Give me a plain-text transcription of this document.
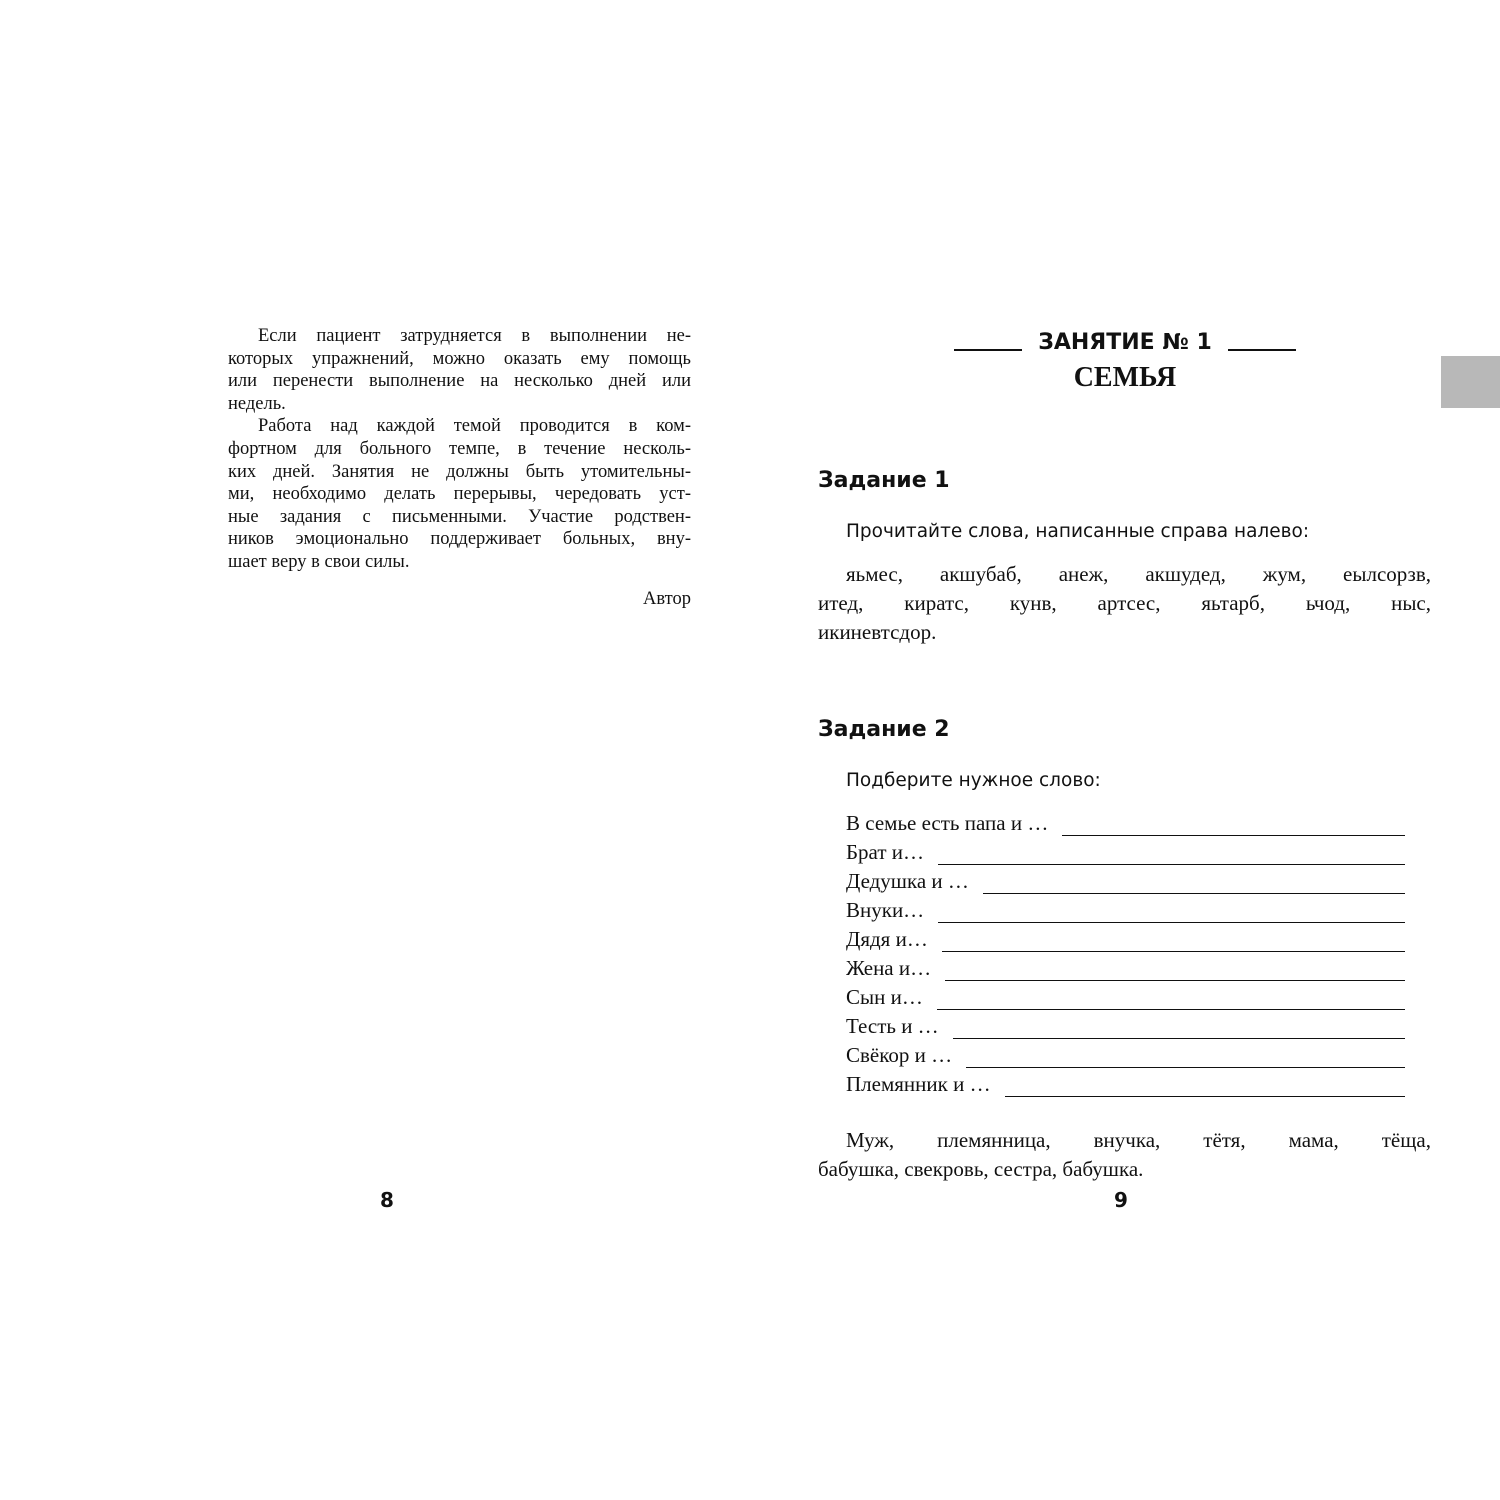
Если пациент затрудняется в выполнении не-
которых упражнений, можно оказать ему помощь
или перенести выполнение на несколько дней или
недель.

Работа над каждой темой проводится в ком-
фортном для больного темпе, в течение несколь-
ких дней. Занятия не должны быть утомительны-
ми, необходимо делать перерывы, чередовать уст-
ные задания с письменными. Участие родствен-
ников эмоционально поддерживает больных, вну-
шает веру в свои силы.

Автор
8
ЗАНЯТИЕ № 1
СЕМЬЯ
Задание 1
Прочитайте слова, написанные справа налево:
яьмес, акшубаб, анеж, акшудед, жум, еылсорзв,
итед, киратс, кунв, артсес, яьтарб, ьчод, ныс,
икиневтсдор.
Задание 2
Подберите нужное слово:
В семье есть папа и …
Брат и…
Дедушка и …
Внуки…
Дядя и…
Жена и…
Сын и…
Тесть и …
Свёкор и …
Племянник и …
Муж, племянница, внучка, тётя, мама, тёща,
бабушка, свекровь, сестра, бабушка.
9
